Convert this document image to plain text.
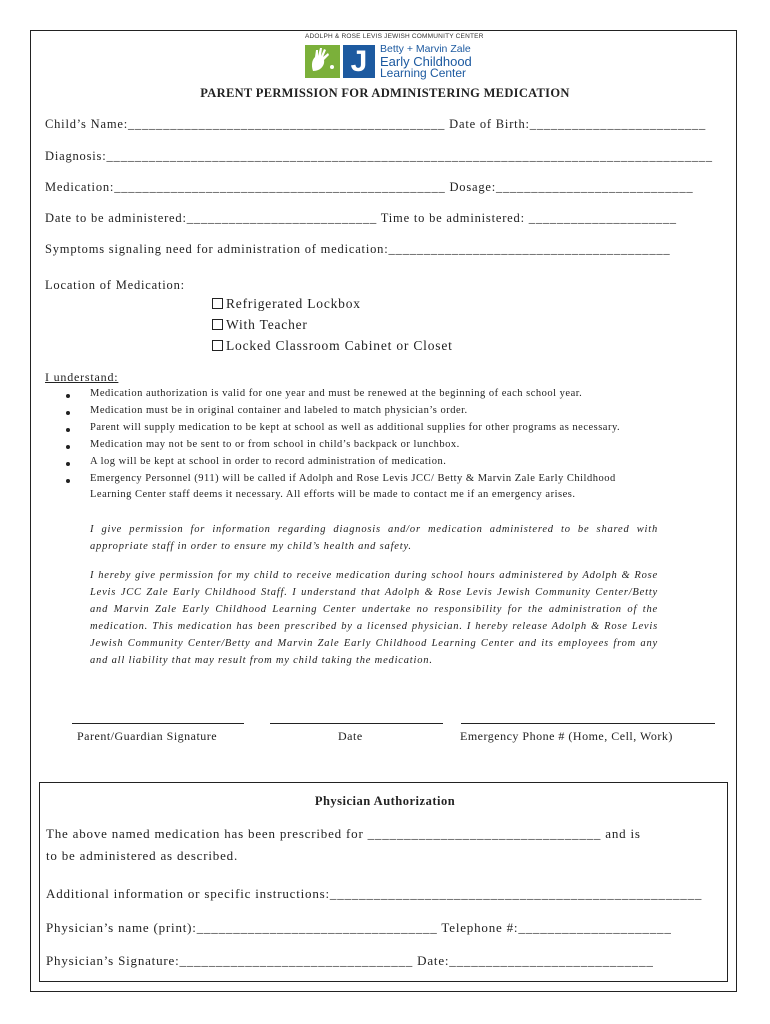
ADOLPH & ROSE LEVIS JEWISH COMMUNITY CENTER
J	Betty + Marvin Zale
Early Childhood
Learning Center
PARENT PERMISSION FOR ADMINISTERING MEDICATION
Child’s Name:_____________________________________________ Date of Birth:_________________________
Diagnosis:______________________________________________________________________________________
Medication:_______________________________________________ Dosage:____________________________
Date to be administered:___________________________ Time to be administered: _____________________
Symptoms signaling need for administration of medication:________________________________________
Location of Medication:
Refrigerated Lockbox
With Teacher
Locked Classroom Cabinet or Closet
I understand:
Medication authorization is valid for one year and must be renewed at the beginning of each school year.
Medication must be in original container and labeled to match physician’s order.
Parent will supply medication to be kept at school as well as additional supplies for other programs as necessary.
Medication may not be sent to or from school in child’s backpack or lunchbox.
A log will be kept at school in order to record administration of medication.
Emergency Personnel (911) will be called if Adolph and Rose Levis JCC/ Betty & Marvin Zale Early Childhood
Learning Center staff deems it necessary. All efforts will be made to contact me if an emergency arises.
I give permission for information regarding diagnosis and/or medication administered to be shared with appropriate staff in order to ensure my child’s health and safety.
I hereby give permission for my child to receive medication during school hours administered by Adolph & Rose Levis JCC Zale Early Childhood Staff. I understand that Adolph & Rose Levis Jewish Community Center/Betty and Marvin Zale Early Childhood Learning Center undertake no responsibility for the administration of the medication. This medication has been prescribed by a licensed physician. I hereby release Adolph & Rose Levis Jewish Community Center/Betty and Marvin Zale Early Childhood Learning Center and its employees from any and all liability that may result from my child taking the medication.
Parent/Guardian Signature	Date	Emergency Phone # (Home, Cell, Work)
Physician Authorization
The above named medication has been prescribed for ________________________________ and is
to be administered as described.
Additional information or specific instructions:___________________________________________________
Physician’s name (print):_________________________________ Telephone #:_____________________
Physician’s Signature:________________________________ Date:____________________________
